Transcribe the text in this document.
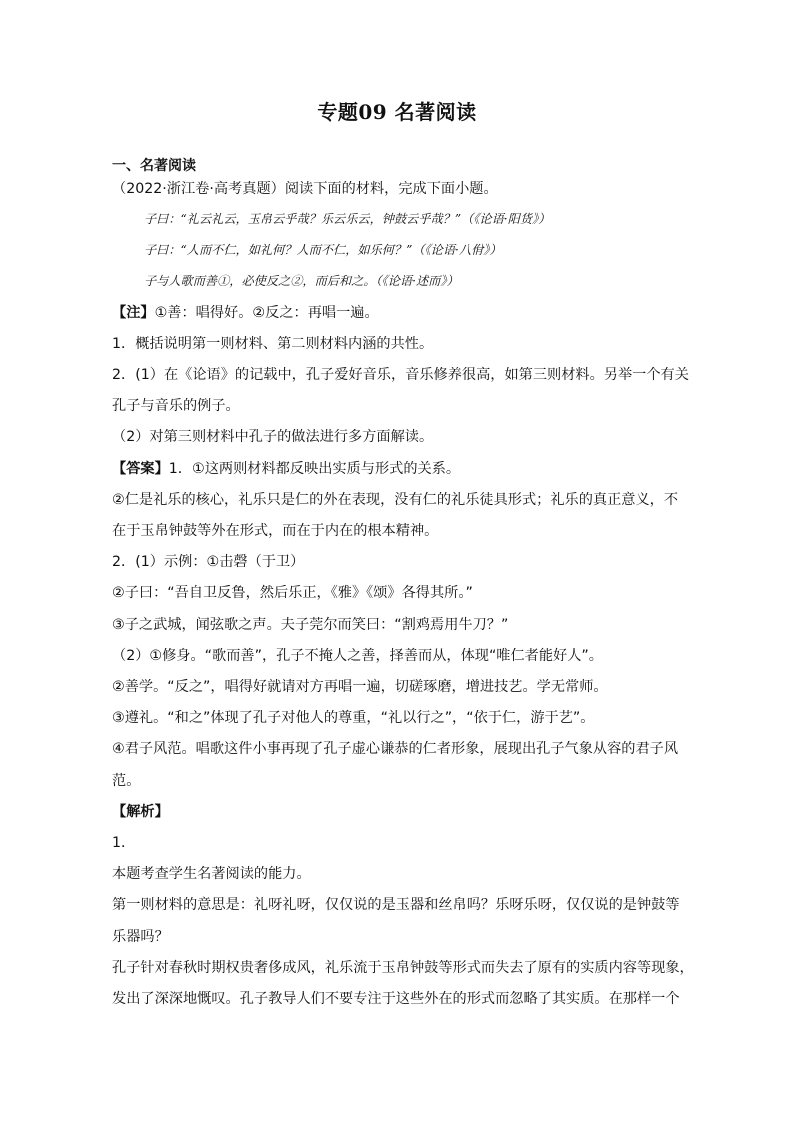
专题09 名著阅读

一、名著阅读

（2022·浙江卷·高考真题）阅读下面的材料，完成下面小题。

子曰：“礼云礼云，玉帛云乎哉？乐云乐云，钟鼓云乎哉？”（《论语·阳货》）

子曰：“人而不仁，如礼何？人而不仁，如乐何？”（《论语·八佾》）

子与人歌而善①，必使反之②，而后和之。（《论语·述而》）

【注】①善：唱得好。②反之：再唱一遍。

1．概括说明第一则材料、第二则材料内涵的共性。

2．(1）在《论语》的记载中，孔子爱好音乐，音乐修养很高，如第三则材料。另举一个有关

孔子与音乐的例子。

（2）对第三则材料中孔子的做法进行多方面解读。

【答案】1．①这两则材料都反映出实质与形式的关系。

②仁是礼乐的核心，礼乐只是仁的外在表现，没有仁的礼乐徒具形式；礼乐的真正意义，不

在于玉帛钟鼓等外在形式，而在于内在的根本精神。

2．(1）示例：①击磬（于卫）

②子曰：“吾自卫反鲁，然后乐正，《雅》《颂》各得其所。”

③子之武城，闻弦歌之声。夫子莞尔而笑曰：“割鸡焉用牛刀？”

（2）①修身。“歌而善”，孔子不掩人之善，择善而从，体现“唯仁者能好人”。

②善学。“反之”，唱得好就请对方再唱一遍，切磋琢磨，增进技艺。学无常师。

③遵礼。“和之”体现了孔子对他人的尊重，“礼以行之”，“依于仁，游于艺”。

④君子风范。唱歌这件小事再现了孔子虚心谦恭的仁者形象，展现出孔子气象从容的君子风

范。

【解析】

1．

本题考查学生名著阅读的能力。

第一则材料的意思是：礼呀礼呀，仅仅说的是玉器和丝帛吗？乐呀乐呀，仅仅说的是钟鼓等

乐器吗？

孔子针对春秋时期权贵奢侈成风，礼乐流于玉帛钟鼓等形式而失去了原有的实质内容等现象，

发出了深深地慨叹。孔子教导人们不要专注于这些外在的形式而忽略了其实质。在那样一个
